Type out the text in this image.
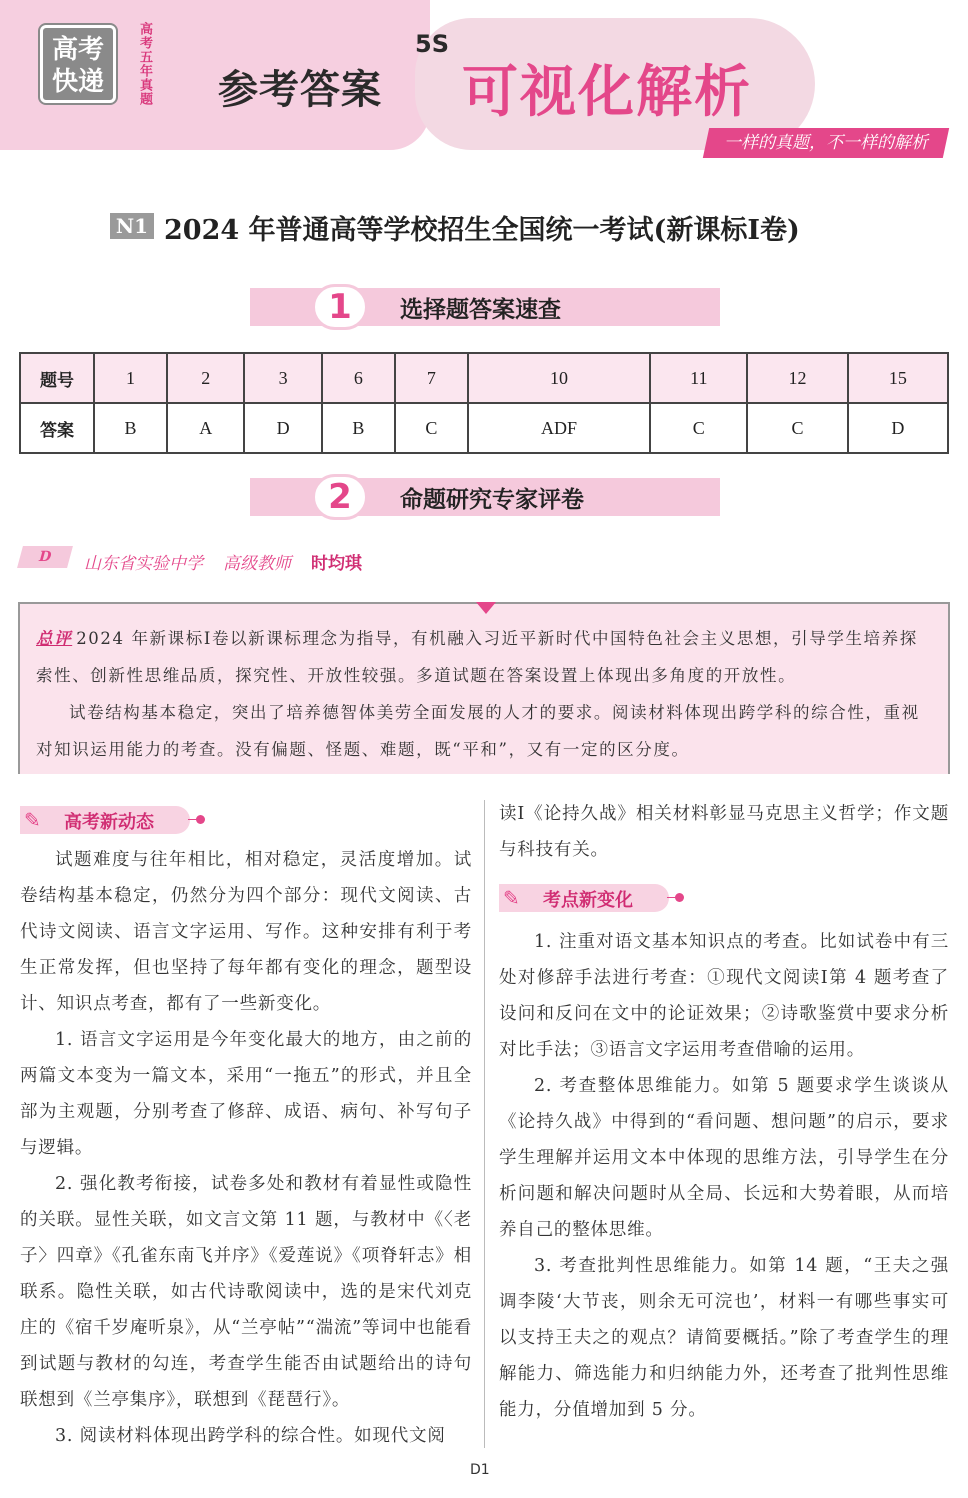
高考
快递	高考五年真题 参考答案
5S
可视化解析
一样的真题，不一样的解析
N1 2024 年普通高等学校招生全国统一考试(新课标Ⅰ卷)
1	选择题答案速查
题号	1	2	3	6	7	10	11	12	15
答案	B	A	D	B	C	ADF	C	C	D
2	命题研究专家评卷
D	山东省实验中学 高级教师 时均琪

总评 2024 年新课标Ⅰ卷以新课标理念为指导，有机融入习近平新时代中国特色社会主义思想，引导学生培养探索性、创新性思维品质，探究性、开放性较强。多道试题在答案设置上体现出多角度的开放性。

试卷结构基本稳定，突出了培养德智体美劳全面发展的人才的要求。阅读材料体现出跨学科的综合性，重视对知识运用能力的考查。没有偏题、怪题、难题，既“平和”，又有一定的区分度。

✎	高考新动态

试题难度与往年相比，相对稳定，灵活度增加。试卷结构基本稳定，仍然分为四个部分：现代文阅读、古代诗文阅读、语言文字运用、写作。这种安排有利于考生正常发挥，但也坚持了每年都有变化的理念，题型设计、知识点考查，都有了一些新变化。

1. 语言文字运用是今年变化最大的地方，由之前的两篇文本变为一篇文本，采用“一拖五”的形式，并且全部为主观题，分别考查了修辞、成语、病句、补写句子与逻辑。

2. 强化教考衔接，试卷多处和教材有着显性或隐性的关联。显性关联，如文言文第 11 题，与教材中《〈老子〉四章》《孔雀东南飞并序》《爱莲说》《项脊轩志》相联系。隐性关联，如古代诗歌阅读中，选的是宋代刘克庄的《宿千岁庵听泉》，从“兰亭帖”“湍流”等词中也能看到试题与教材的勾连，考查学生能否由试题给出的诗句联想到《兰亭集序》，联想到《琵琶行》。

3. 阅读材料体现出跨学科的综合性。如现代文阅

读Ⅰ《论持久战》相关材料彰显马克思主义哲学；作文题与科技有关。

✎	考点新变化

1. 注重对语文基本知识点的考查。比如试卷中有三处对修辞手法进行考查：①现代文阅读Ⅰ第 4 题考查了设问和反问在文中的论证效果；②诗歌鉴赏中要求分析对比手法；③语言文字运用考查借喻的运用。

2. 考查整体思维能力。如第 5 题要求学生谈谈从《论持久战》中得到的“看问题、想问题”的启示，要求学生理解并运用文本中体现的思维方法，引导学生在分析问题和解决问题时从全局、长远和大势着眼，从而培养自己的整体思维。

3. 考查批判性思维能力。如第 14 题，“王夫之强调李陵‘大节丧，则余无可浣也’，材料一有哪些事实可以支持王夫之的观点？请简要概括。”除了考查学生的理解能力、筛选能力和归纳能力外，还考查了批判性思维能力，分值增加到 5 分。

D1
